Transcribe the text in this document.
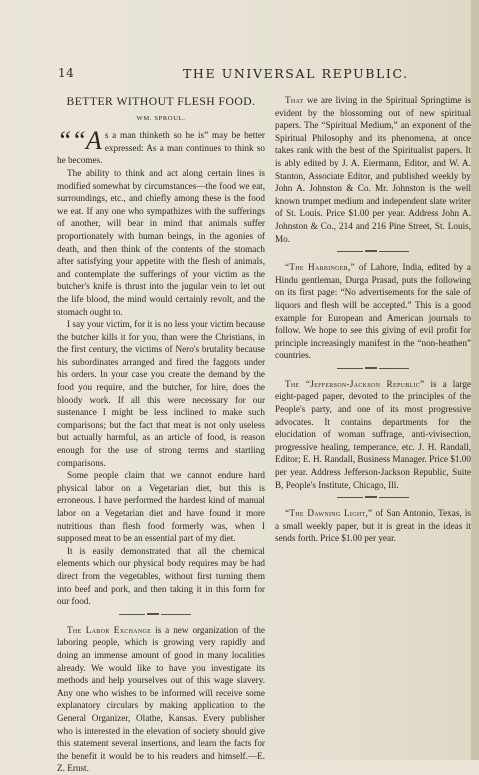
14	THE UNIVERSAL REPUBLIC.
BETTER WITHOUT FLESH FOOD.
WM. SPROUL.

““A s a man thinketh so he is” may be better expressed: As a man continues to think so he becomes.

The ability to think and act along certain lines is modified somewhat by circumstances—the food we eat, surroundings, etc., and chiefly among these is the food we eat. If any one who sympathizes with the sufferings of another, will bear in mind that animals suffer proportionately with human beings, in the agonies of death, and then think of the contents of the stomach after satisfying your appetite with the flesh of animals, and contemplate the sufferings of your victim as the butcher's knife is thrust into the jugular vein to let out the life blood, the mind would certainly revolt, and the stomach ought to.

I say your victim, for it is no less your victim because the butcher kills it for you, than were the Christians, in the first century, the victims of Nero's brutality because his subordinates arranged and fired the faggots under his orders. In your case you create the demand by the food you require, and the butcher, for hire, does the bloody work. If all this were necessary for our sustenance I might be less inclined to make such comparisons; but the fact that meat is not only useless but actually harmful, as an article of food, is reason enough for the use of strong terms and startling comparisons.

Some people claim that we cannot endure hard physical labor on a Vegetarian diet, but this is erroneous. I have performed the hardest kind of manual labor on a Vegetarian diet and have found it more nutritious than flesh food formerly was, when I supposed meat to be an essential part of my diet.

It is easily demonstrated that all the chemical elements which our physical body requires may be had direct from the vegetables, without first turning them into beef and pork, and then taking it in this form for our food.

The Labor Exchange is a new organization of the laboring people, which is growing very rapidly and doing an immense amount of good in many localities already. We would like to have you investigate its methods and help yourselves out of this wage slavery. Any one who wishes to be informed will receive some explanatory circulars by making application to the General Organizer, Olathe, Kansas. Every publisher who is interested in the elevation of society should give this statement several insertions, and learn the facts for the benefit it would be to his readers and himself.—E. Z. Ernst.

That we are living in the Spiritual Springtime is evident by the blossoming out of new spiritual papers. The “Spiritual Medium,” an exponent of the Spiritual Philosophy and its phenomena, at once takes rank with the best of the Spiritualist papers. It is ably edited by J. A. Eiermann, Editor, and W. A. Stanton, Associate Editor, and published weekly by John A. Johnston & Co. Mr. Johnston is the well known trumpet medium and independent slate writer of St. Louis. Price $1.00 per year. Address John A. Johnston & Co., 214 and 216 Pine Street, St. Louis, Mo.

“The Harbinger,” of Lahore, India, edited by a Hindu gentleman, Durga Prasad, puts the following on its first page: “No advertisements for the sale of liquors and flesh will be accepted.” This is a good example for European and American journals to follow. We hope to see this giving of evil profit for principle increasingly manifest in the “non-heathen” countries.

The “Jefferson-Jackson Republic” is a large eight-paged paper, devoted to the principles of the People's party, and one of its most progressive advocates. It contains departments for the elucidation of woman suffrage, anti-vivisection, progressive healing, temperance, etc. J. H. Randall, Editor; E. H. Randall, Business Manager. Price $1.00 per year. Address Jefferson-Jackson Republic, Suite B, People's Institute, Chicago, Ill.

“The Dawning Light,” of San Antonio, Texas, is a small weekly paper, but it is great in the ideas it sends forth. Price $1.00 per year.
